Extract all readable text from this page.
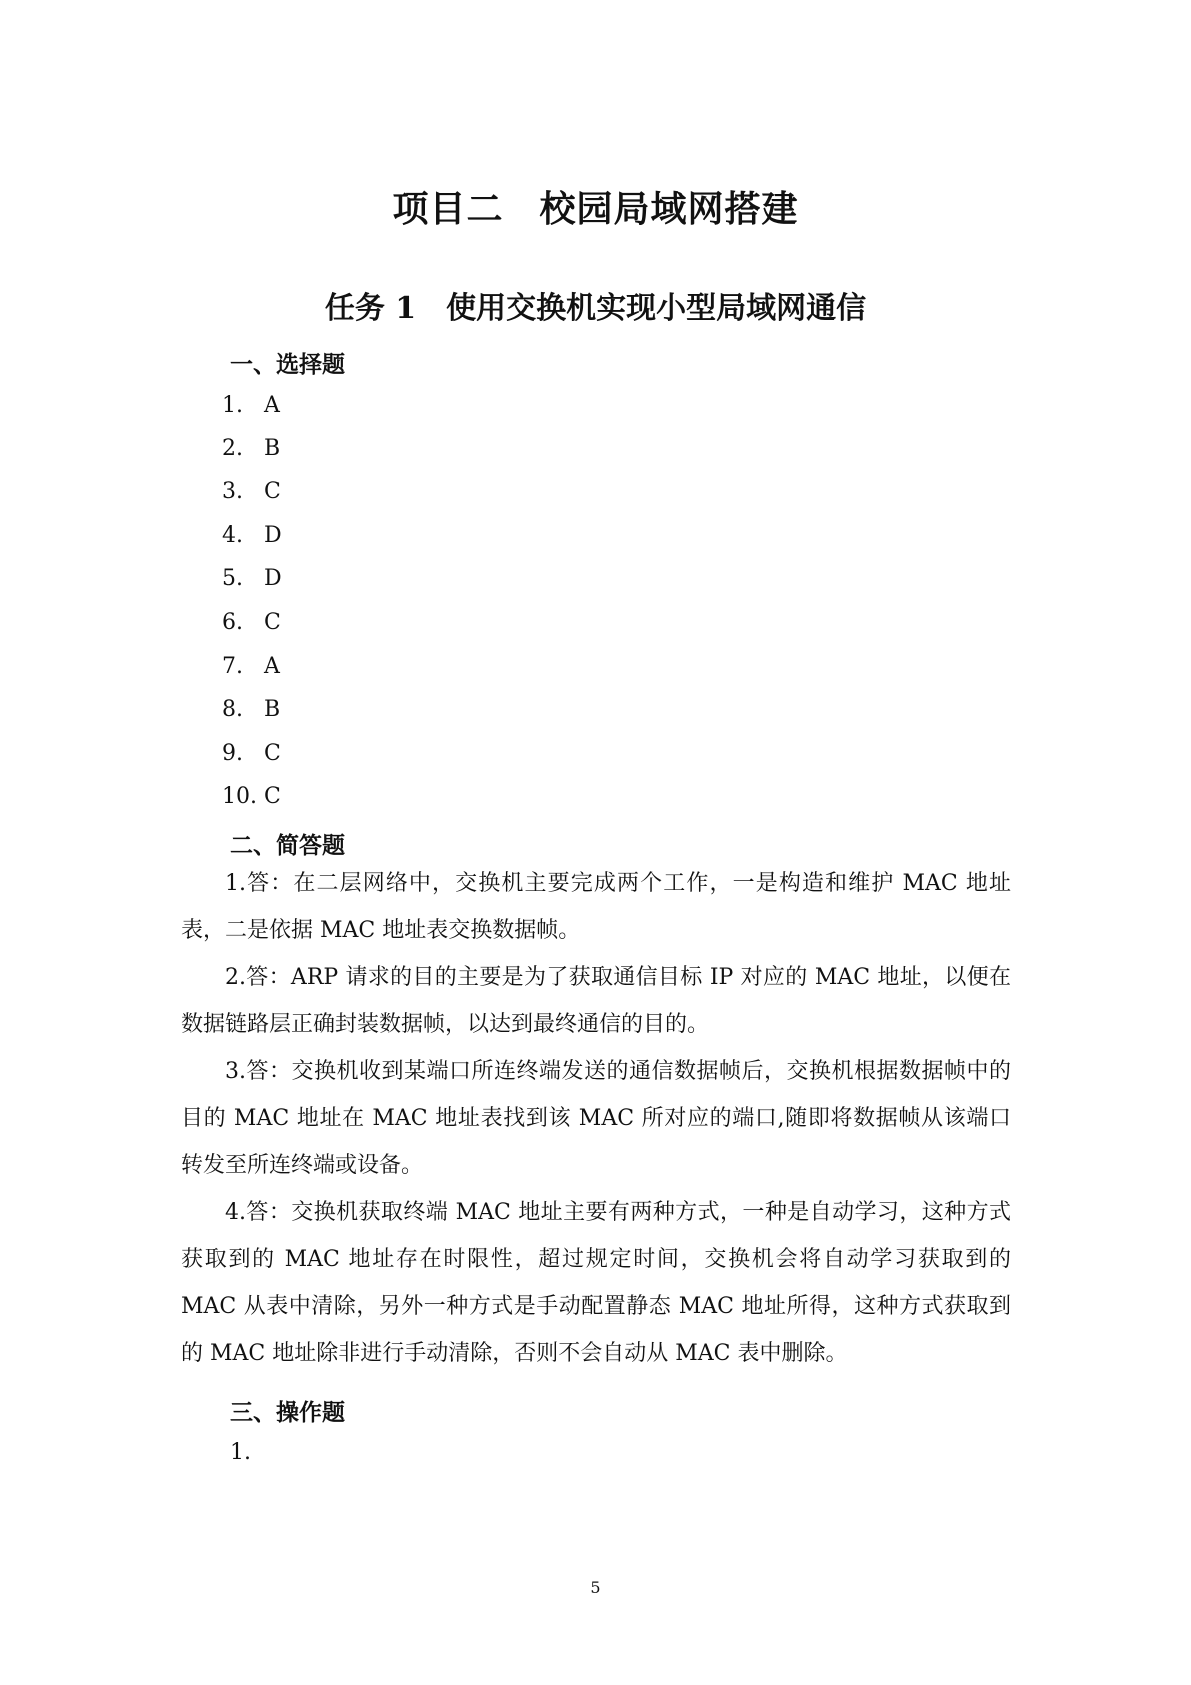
项目二 校园局域网搭建
任务 1 使用交换机实现小型局域网通信
一、选择题
1. A
2. B
3. C
4. D
5. D
6. C
7. A
8. B
9. C
10. C
二、简答题
1.答：在二层网络中，交换机主要完成两个工作，一是构造和维护 MAC 地址表，二是依据 MAC 地址表交换数据帧。
2.答：ARP 请求的目的主要是为了获取通信目标 IP 对应的 MAC 地址，以便在数据链路层正确封装数据帧，以达到最终通信的目的。
3.答：交换机收到某端口所连终端发送的通信数据帧后，交换机根据数据帧中的目的 MAC 地址在 MAC 地址表找到该 MAC 所对应的端口,随即将数据帧从该端口转发至所连终端或设备。
4.答：交换机获取终端 MAC 地址主要有两种方式，一种是自动学习，这种方式获取到的 MAC 地址存在时限性，超过规定时间，交换机会将自动学习获取到的 MAC 从表中清除，另外一种方式是手动配置静态 MAC 地址所得，这种方式获取到的 MAC 地址除非进行手动清除，否则不会自动从 MAC 表中删除。
三、操作题
1.
5
